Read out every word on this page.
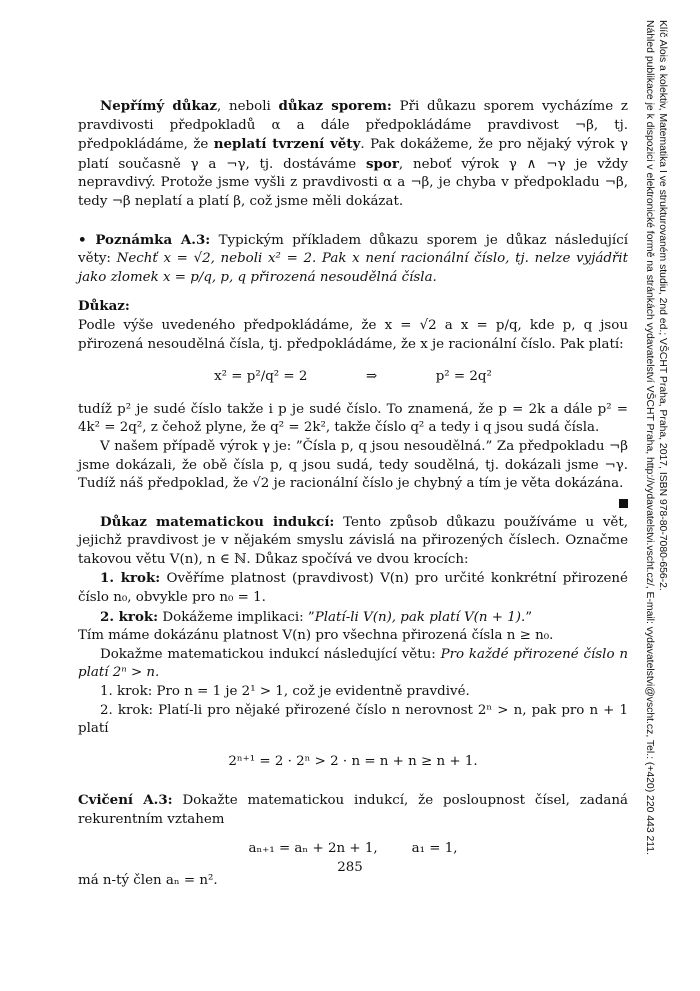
Nepřímý důkaz, neboli důkaz sporem: Při důkazu sporem vycházíme z pravdivosti předpokladů α a dále předpokládáme pravdivost ¬β, tj. předpokládáme, že neplatí tvrzení věty. Pak dokážeme, že pro nějaký výrok γ platí současně γ a ¬γ, tj. dostáváme spor, neboť výrok γ ∧ ¬γ je vždy nepravdivý. Protože jsme vyšli z pravdivosti α a ¬β, je chyba v předpokladu ¬β, tedy ¬β neplatí a platí β, což jsme měli dokázat.

• Poznámka A.3: Typickým příkladem důkazu sporem je důkaz následující věty: Nechť x = √2, neboli x² = 2. Pak x není racionální číslo, tj. nelze vyjádřit jako zlomek x = p/q, p, q přirozená nesoudělná čísla.

Důkaz:

Podle výše uvedeného předpokládáme, že x = √2 a x = p/q, kde p, q jsou přirozená nesoudělná čísla, tj. předpokládáme, že x je racionální číslo. Pak platí:

x² = p²/q² = 2	⇒	p² = 2q²

tudíž p² je sudé číslo takže i p je sudé číslo. To znamená, že p = 2k a dále p² = 4k² = 2q², z čehož plyne, že q² = 2k², takže číslo q² a tedy i q jsou sudá čísla.

V našem případě výrok γ je: ”Čísla p, q jsou nesoudělná.” Za předpokladu ¬β jsme dokázali, že obě čísla p, q jsou sudá, tedy soudělná, tj. dokázali jsme ¬γ. Tudíž náš předpoklad, že √2 je racionální číslo je chybný a tím je věta dokázána.

Důkaz matematickou indukcí: Tento způsob důkazu používáme u vět, jejichž pravdivost je v nějakém smyslu závislá na přirozených číslech. Označme takovou větu V(n), n ∈ ℕ. Důkaz spočívá ve dvou krocích:

1. krok: Ověříme platnost (pravdivost) V(n) pro určité konkrétní přirozené číslo n₀, obvykle pro n₀ = 1.

2. krok: Dokážeme implikaci: ”Platí-li V(n), pak platí V(n + 1).”

Tím máme dokázánu platnost V(n) pro všechna přirozená čísla n ≥ n₀.

Dokažme matematickou indukcí následující větu: Pro každé přirozené číslo n platí 2ⁿ > n.

1. krok: Pro n = 1 je 2¹ > 1, což je evidentně pravdivé.

2. krok: Platí-li pro nějaké přirozené číslo n nerovnost 2ⁿ > n, pak pro n + 1 platí

2ⁿ⁺¹ = 2 · 2ⁿ > 2 · n = n + n ≥ n + 1.

Cvičení A.3: Dokažte matematickou indukcí, že posloupnost čísel, zadaná rekurentním vztahem

aₙ₊₁ = aₙ + 2n + 1,        a₁ = 1,

má n-tý člen aₙ = n².

285
Klíč Alois a kolektiv, Matematika I ve strukturovaném studiu, 2nd ed.; VŠCHT Praha, Praha, 2017, ISBN 978-80-7080-656-2.
Náhled publikace je k dispozici v elektronické formě na stránkách vydavatelství VŠCHT Praha, http://vydavatelstvi.vscht.cz/, E-mail: vydavatelstvi@vscht.cz, Tel.: (+420) 220 443 211.
